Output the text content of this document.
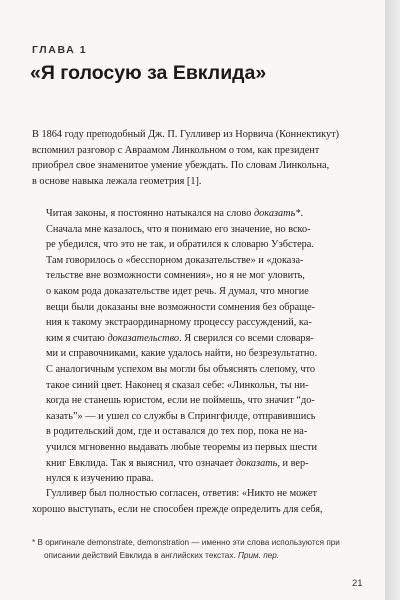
ГЛАВА 1
«Я голосую за Евклида»
В 1864 году преподобный Дж. П. Гулливер из Норвича (Коннектикут)
вспомнил разговор с Авраамом Линкольном о том, как президент
приобрел свое знаменитое умение убеждать. По словам Линкольна,
в основе навыка лежала геометрия [1].
Читая законы, я постоянно натыкался на слово доказать*.
Сначала мне казалось, что я понимаю его значение, но вско-
ре убедился, что это не так, и обратился к словарю Уэбстера.
Там говорилось о «бесспорном доказательстве» и «доказа-
тельстве вне возможности сомнения», но я не мог уловить,
о каком рода доказательстве идет речь. Я думал, что многие
вещи были доказаны вне возможности сомнения без обраще-
ния к такому экстраординарному процессу рассуждений, ка-
ким я считаю доказательство. Я сверился со всеми словаря-
ми и справочниками, какие удалось найти, но безрезультатно.
С аналогичным успехом вы могли бы объяснять слепому, что
такое синий цвет. Наконец я сказал себе: «Линкольн, ты ни-
когда не станешь юристом, если не поймешь, что значит “до-
казать”» — и ушел со службы в Спрингфилде, отправившись
в родительский дом, где и оставался до тех пор, пока не на-
учился мгновенно выдавать любые теоремы из первых шести
книг Евклида. Так я выяснил, что означает доказать, и вер-
нулся к изучению права.
Гулливер был полностью согласен, ответив: «Никто не может
хорошо выступать, если не способен прежде определить для себя,
* В оригинале demonstrate, demonstration — именно эти слова используются при
описании действий Евклида в английских текстах. Прим. пер.
21
